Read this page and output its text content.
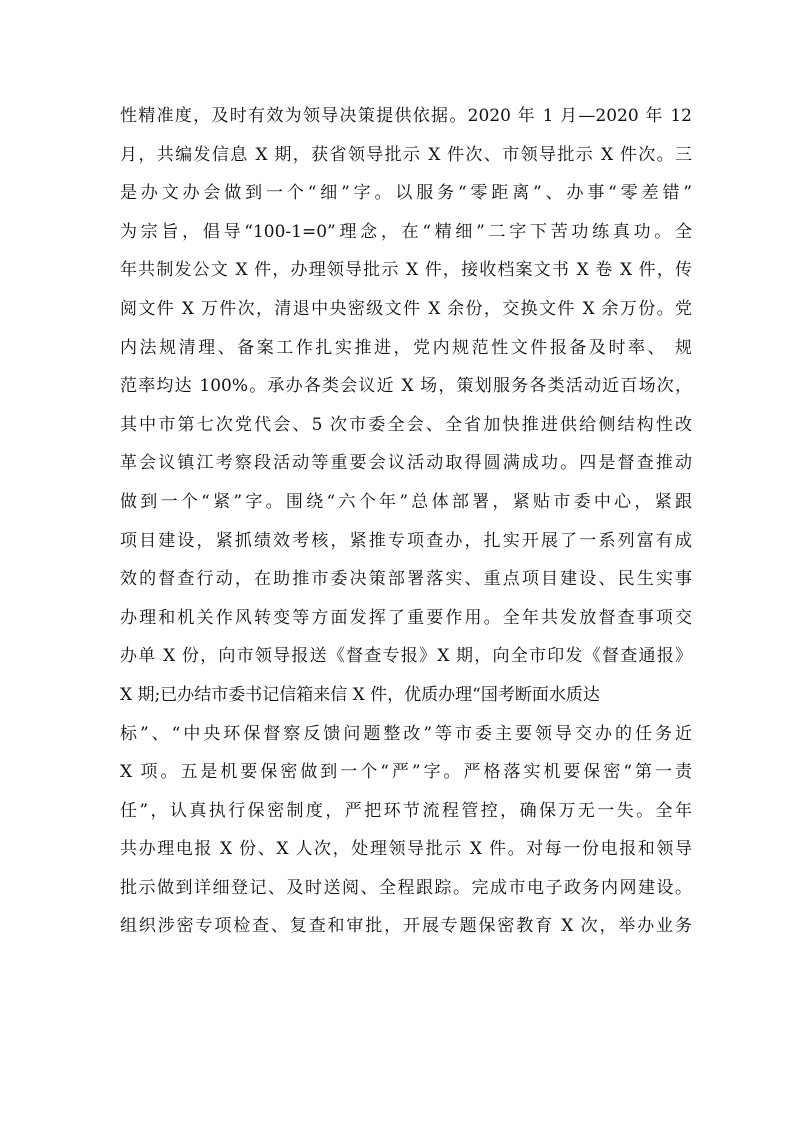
性精准度，及时有效为领导决策提供依据。2020 年 1 月—2020 年 12
月，共编发信息 X 期，获省领导批示 X 件次、市领导批示 X 件次。三
是办文办会做到一个“细”字。以服务“零距离”、办事“零差错”
为宗旨，倡导“100-1=0”理念，在“精细”二字下苦功练真功。全
年共制发公文 X 件，办理领导批示 X 件，接收档案文书 X 卷 X 件，传
阅文件 X 万件次，清退中央密级文件 X 余份，交换文件 X 余万份。党
内法规清理、备案工作扎实推进，党内规范性文件报备及时率、 规
范率均达 100%。承办各类会议近 X 场，策划服务各类活动近百场次，
其中市第七次党代会、5 次市委全会、全省加快推进供给侧结构性改
革会议镇江考察段活动等重要会议活动取得圆满成功。四是督查推动
做到一个“紧”字。围绕“六个年”总体部署，紧贴市委中心，紧跟
项目建设，紧抓绩效考核，紧推专项查办，扎实开展了一系列富有成
效的督查行动，在助推市委决策部署落实、重点项目建设、民生实事
办理和机关作风转变等方面发挥了重要作用。全年共发放督查事项交
办单 X 份，向市领导报送《督查专报》X 期，向全市印发《督查通报》
X 期;已办结市委书记信箱来信 X 件，优质办理“国考断面水质达
标”、“中央环保督察反馈问题整改”等市委主要领导交办的任务近
X 项。五是机要保密做到一个“严”字。严格落实机要保密“第一责
任”，认真执行保密制度，严把环节流程管控，确保万无一失。全年
共办理电报 X 份、X 人次，处理领导批示 X 件。对每一份电报和领导
批示做到详细登记、及时送阅、全程跟踪。完成市电子政务内网建设。
组织涉密专项检查、复查和审批，开展专题保密教育 X 次，举办业务
